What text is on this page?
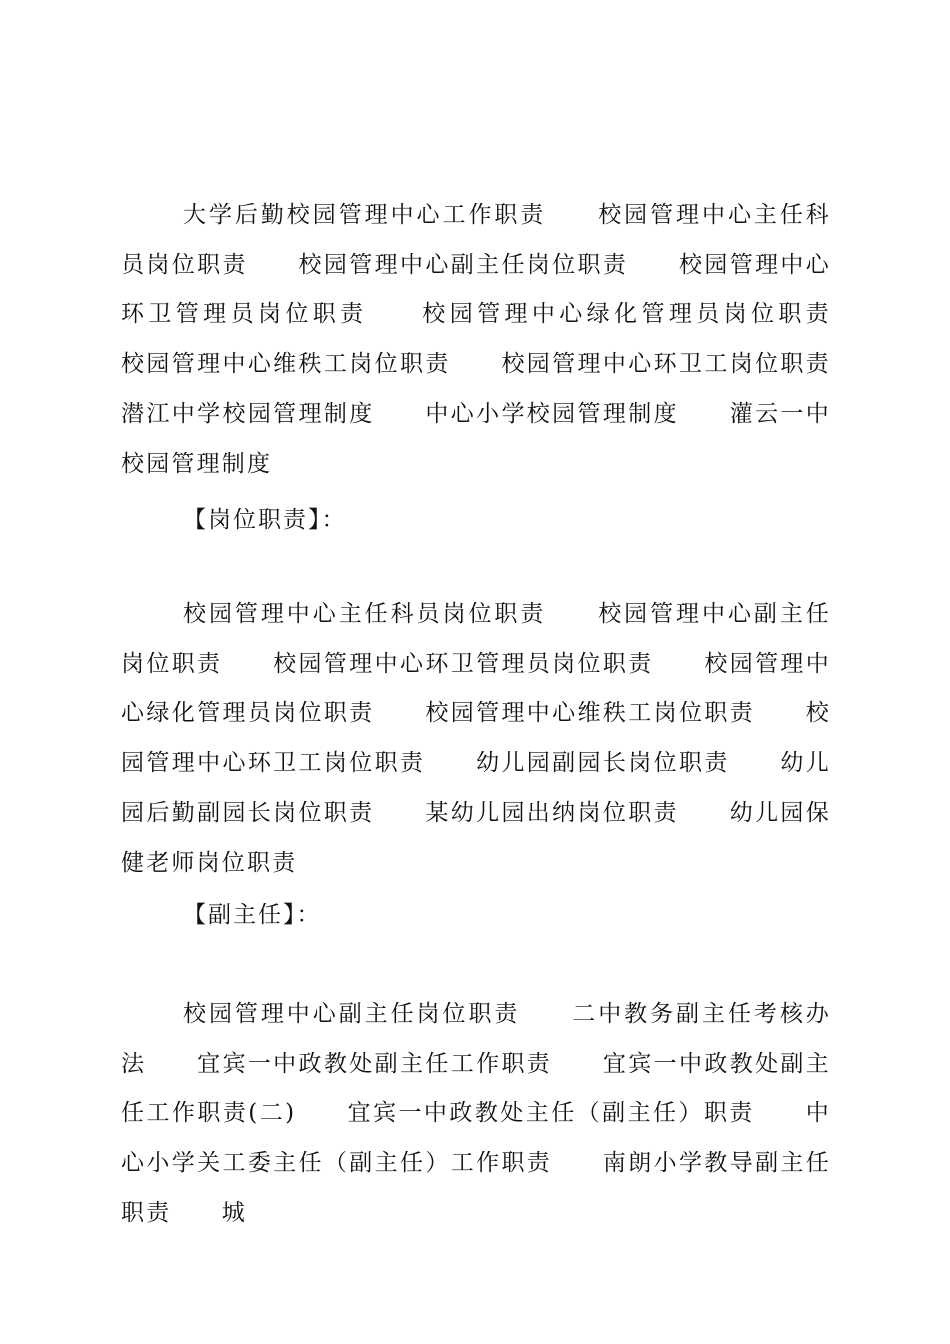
大学后勤校园管理中心工作职责　　校园管理中心主任科员岗位职责　　校园管理中心副主任岗位职责　　校园管理中心环卫管理员岗位职责　　校园管理中心绿化管理员岗位职责　　校园管理中心维秩工岗位职责　　校园管理中心环卫工岗位职责　　潜江中学校园管理制度　　中心小学校园管理制度　　灌云一中校园管理制度

【岗位职责】：

校园管理中心主任科员岗位职责　　校园管理中心副主任岗位职责　　校园管理中心环卫管理员岗位职责　　校园管理中心绿化管理员岗位职责　　校园管理中心维秩工岗位职责　　校园管理中心环卫工岗位职责　　幼儿园副园长岗位职责　　幼儿园后勤副园长岗位职责　　某幼儿园出纳岗位职责　　幼儿园保健老师岗位职责

【副主任】：

校园管理中心副主任岗位职责　　二中教务副主任考核办法　　宜宾一中政教处副主任工作职责　　宜宾一中政教处副主任工作职责(二)　　宜宾一中政教处主任（副主任）职责　　中心小学关工委主任（副主任）工作职责　　南朗小学教导副主任职责　　城
